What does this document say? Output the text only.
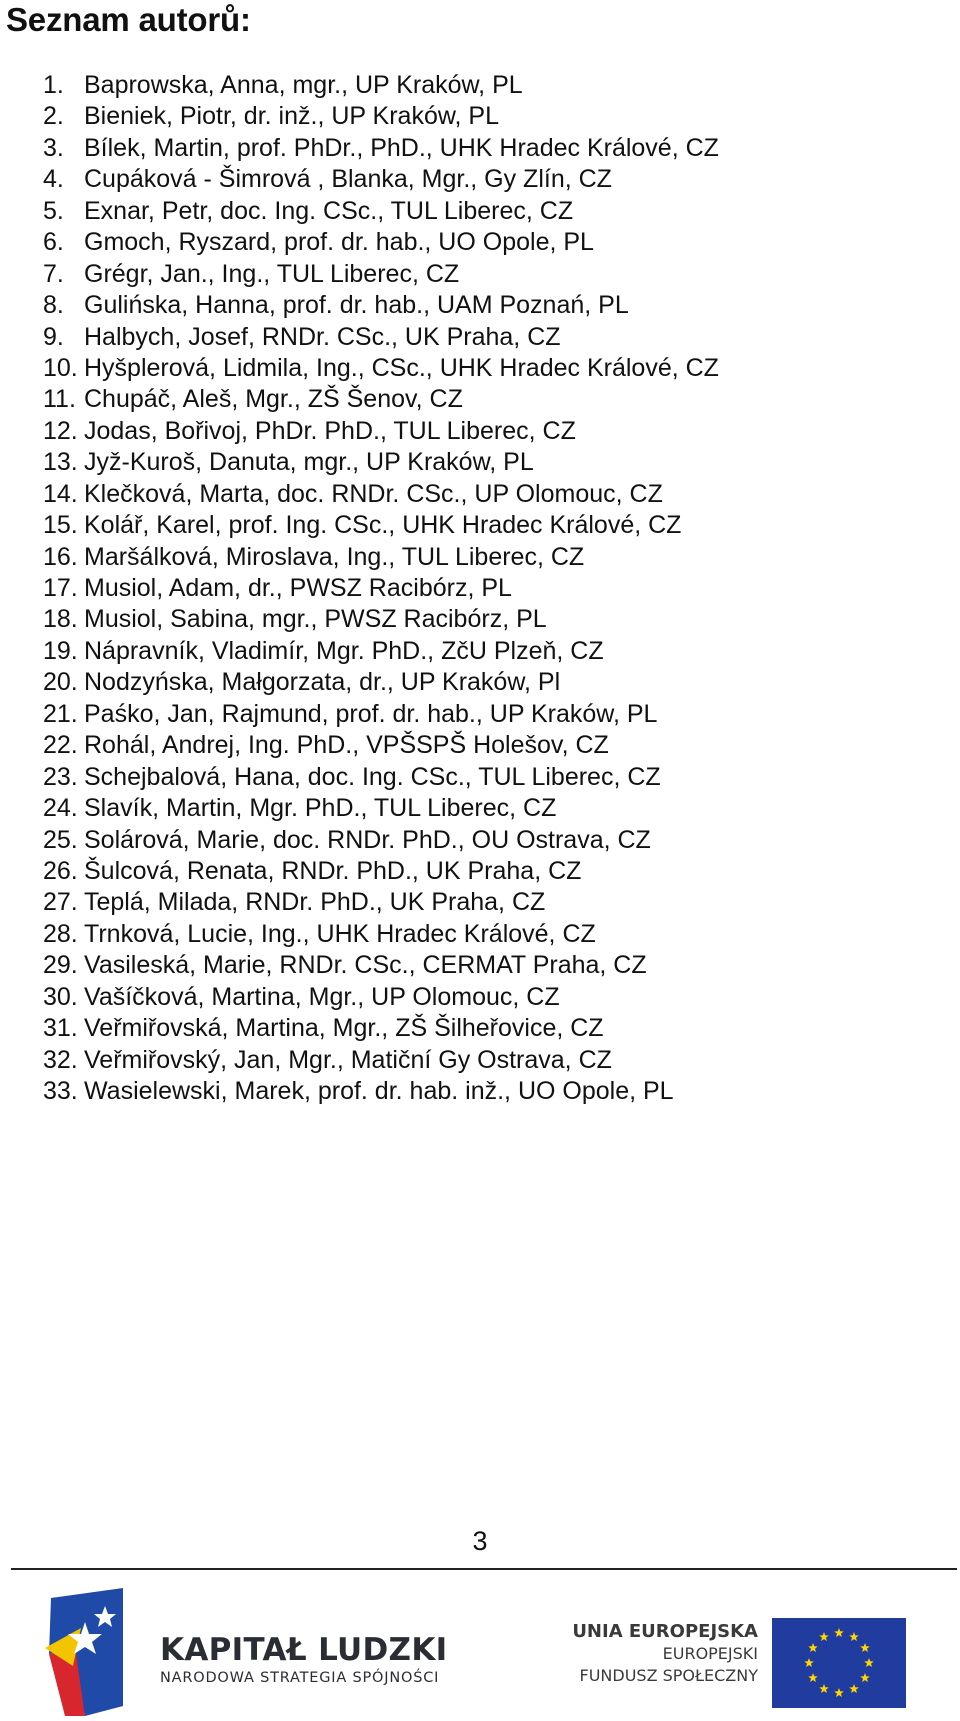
Seznam autorů:
1. Baprowska, Anna, mgr., UP Kraków, PL
2. Bieniek, Piotr, dr. inž., UP Kraków, PL
3. Bílek, Martin, prof. PhDr., PhD., UHK Hradec Králové, CZ
4. Cupáková - Šimrová , Blanka, Mgr., Gy Zlín, CZ
5. Exnar, Petr, doc. Ing. CSc., TUL Liberec, CZ
6. Gmoch, Ryszard, prof. dr. hab., UO Opole, PL
7. Grégr, Jan., Ing., TUL Liberec, CZ
8. Gulińska, Hanna, prof. dr. hab., UAM Poznań, PL
9. Halbych, Josef, RNDr. CSc., UK Praha, CZ
10. Hyšplerová, Lidmila, Ing., CSc., UHK Hradec Králové, CZ
11. Chupáč, Aleš, Mgr., ZŠ Šenov, CZ
12. Jodas, Bořivoj, PhDr. PhD., TUL Liberec, CZ
13. Jyž-Kuroš, Danuta, mgr., UP Kraków, PL
14. Klečková, Marta, doc. RNDr. CSc., UP Olomouc, CZ
15. Kolář, Karel, prof. Ing. CSc., UHK Hradec Králové, CZ
16. Maršálková, Miroslava, Ing., TUL Liberec, CZ
17. Musiol, Adam, dr., PWSZ Racibórz, PL
18. Musiol, Sabina, mgr., PWSZ Racibórz, PL
19. Nápravník, Vladimír, Mgr. PhD., ZčU Plzeň, CZ
20. Nodzyńska, Małgorzata, dr., UP Kraków, Pl
21. Paśko, Jan, Rajmund, prof. dr. hab., UP Kraków, PL
22. Rohál, Andrej, Ing. PhD., VPŠSPŠ Holešov, CZ
23. Schejbalová, Hana, doc. Ing. CSc., TUL Liberec, CZ
24. Slavík, Martin, Mgr. PhD., TUL Liberec, CZ
25. Solárová, Marie, doc. RNDr. PhD., OU Ostrava, CZ
26. Šulcová, Renata, RNDr. PhD., UK Praha, CZ
27. Teplá, Milada, RNDr. PhD., UK Praha, CZ
28. Trnková, Lucie, Ing., UHK Hradec Králové, CZ
29. Vasileská, Marie, RNDr. CSc., CERMAT Praha, CZ
30. Vašíčková, Martina, Mgr., UP Olomouc, CZ
31. Veřmiřovská, Martina, Mgr., ZŠ Šilheřovice, CZ
32. Veřmiřovský, Jan, Mgr., Matiční Gy Ostrava, CZ
33. Wasielewski, Marek, prof. dr. hab. inž., UO Opole, PL
3
KAPITAŁ LUDZKI
NARODOWA STRATEGIA SPÓJNOŚCI
UNIA EUROPEJSKA
EUROPEJSKI
FUNDUSZ SPOŁECZNY
